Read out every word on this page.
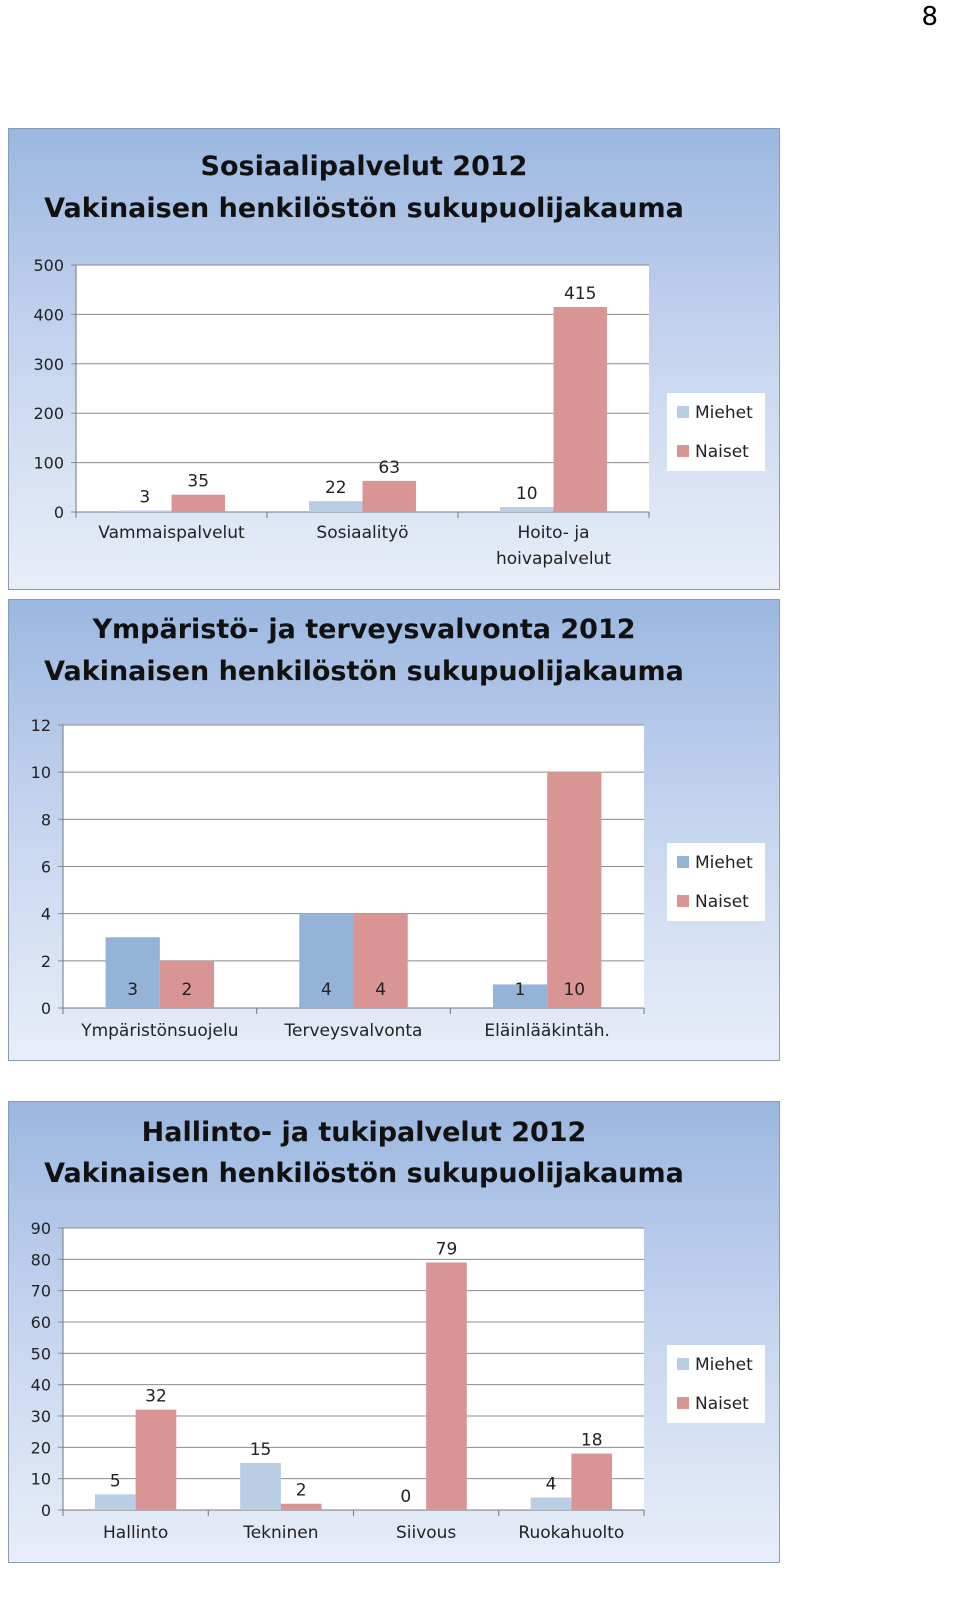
8
Sosiaalipalvelut 2012
Vakinaisen henkilöstön sukupuolijakauma
0
100
200
300
400
500
Vammaispalvelut
3
35
Sosiaalityö
22
63
Hoito- ja
hoivapalvelut
10
415
Miehet
Naiset
Ympäristö- ja terveysvalvonta 2012
Vakinaisen henkilöstön sukupuolijakauma
0
2
4
6
8
10
12
Ympäristönsuojelu
3	2
Terveysvalvonta
4	4
Eläinlääkintäh.
1 10
Miehet
Naiset
Hallinto- ja tukipalvelut 2012
Vakinaisen henkilöstön sukupuolijakauma
0
10
20
30
40
50
60
70
80
90
Hallinto
5
32
Tekninen
15
2
Siivous
0
79
Ruokahuolto
4
18
Miehet
Naiset
